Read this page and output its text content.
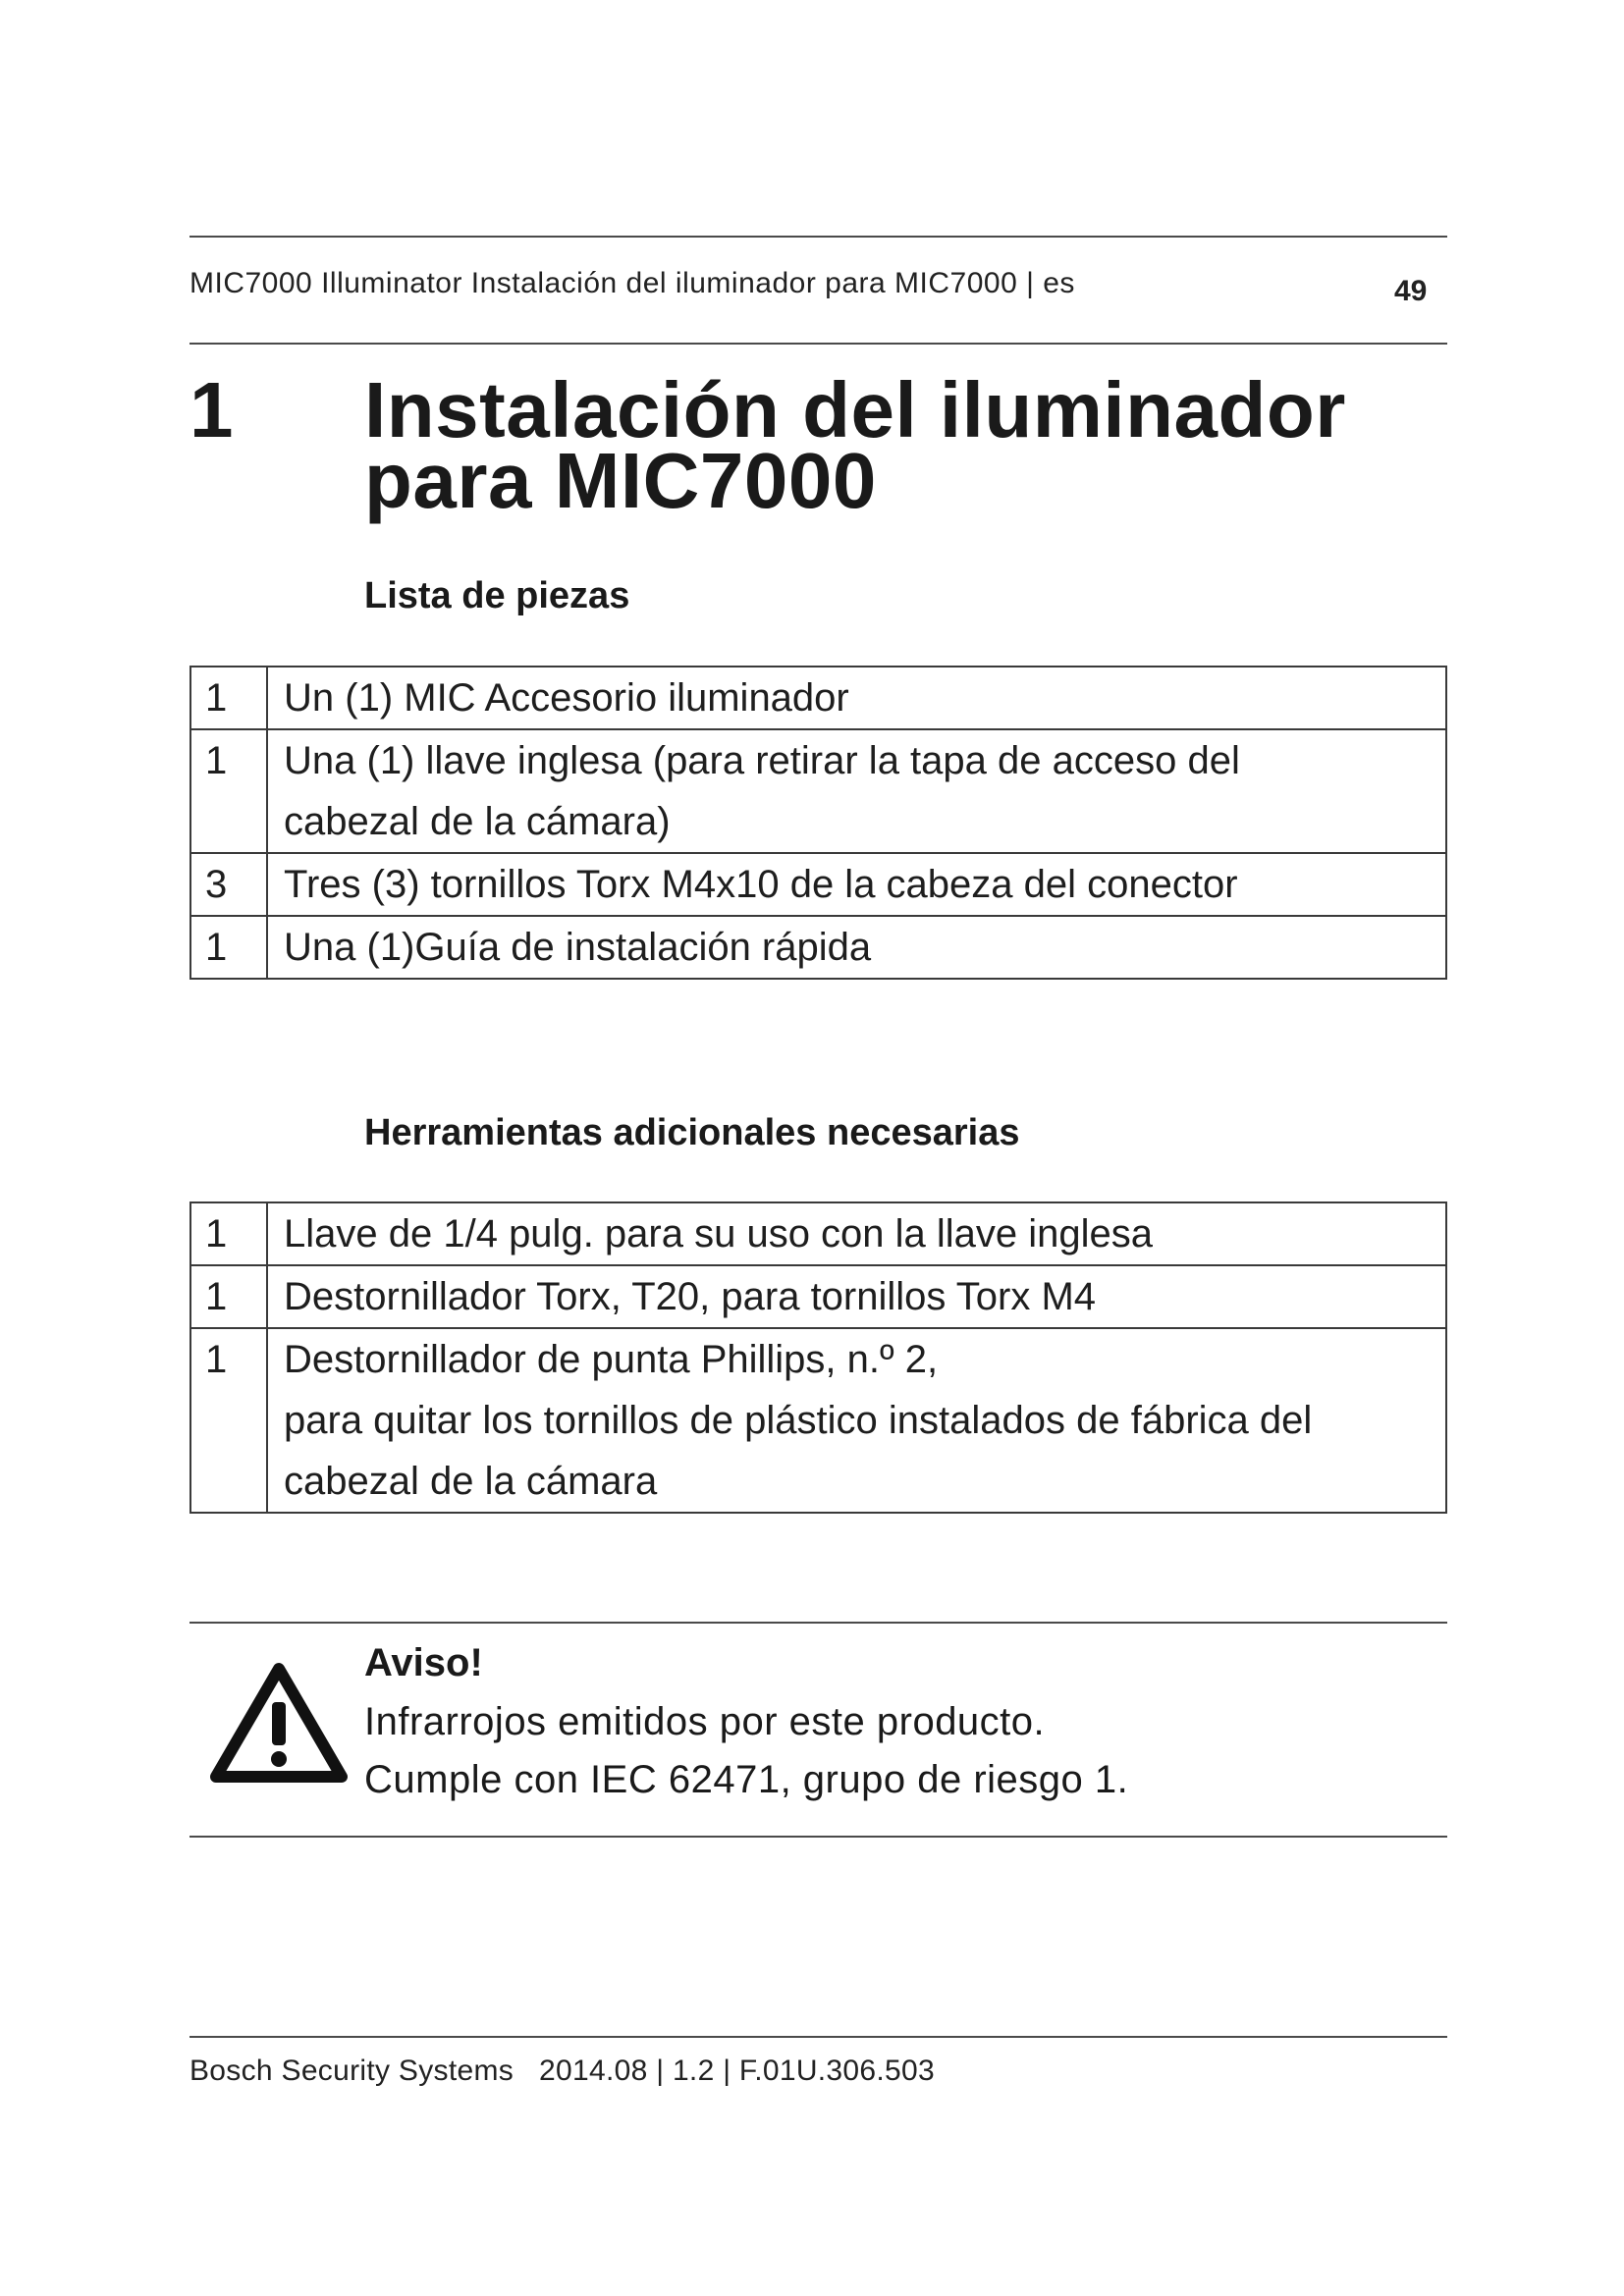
MIC7000 Illuminator Instalación del iluminador para MIC7000 | es	49
1 Instalación del iluminador
para MIC7000
Lista de piezas
1	Un (1) MIC Accesorio iluminador

1	Una (1) llave inglesa (para retirar la tapa de acceso del
cabezal de la cámara)

3	Tres (3) tornillos Torx M4x10 de la cabeza del conector

1	Una (1)Guía de instalación rápida
Herramientas adicionales necesarias
1	Llave de 1/4 pulg. para su uso con la llave inglesa

1	Destornillador Torx, T20, para tornillos Torx M4

1	Destornillador de punta Phillips, n.º 2,
para quitar los tornillos de plástico instalados de fábrica del
cabezal de la cámara
Aviso!
Infrarrojos emitidos por este producto.
Cumple con IEC 62471, grupo de riesgo 1.
Bosch Security Systems 2014.08 | 1.2 | F.01U.306.503
